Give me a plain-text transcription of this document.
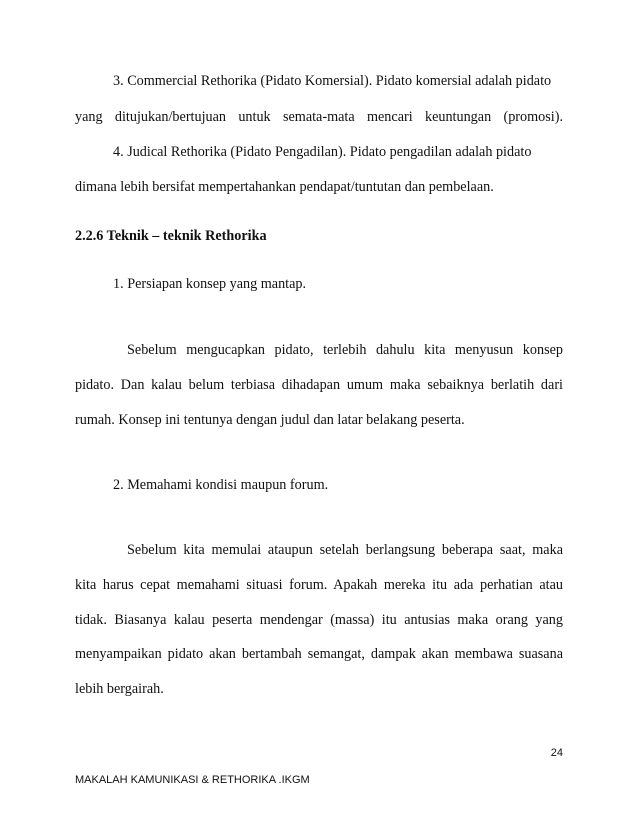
3. Commercial Rethorika (Pidato Komersial). Pidato komersial adalah pidato
yang ditujukan/bertujuan untuk semata-mata mencari keuntungan (promosi).
4. Judical Rethorika (Pidato Pengadilan). Pidato pengadilan adalah pidato
dimana lebih bersifat mempertahankan pendapat/tuntutan dan pembelaan.
2.2.6 Teknik – teknik Rethorika
1. Persiapan konsep yang mantap.
Sebelum mengucapkan pidato, terlebih dahulu kita menyusun konsep
pidato. Dan kalau belum terbiasa dihadapan umum maka sebaiknya berlatih dari
rumah. Konsep ini tentunya dengan judul dan latar belakang peserta.
2. Memahami kondisi maupun forum.
Sebelum kita memulai ataupun setelah berlangsung beberapa saat, maka
kita harus cepat memahami situasi forum. Apakah mereka itu ada perhatian atau
tidak. Biasanya kalau peserta mendengar (massa) itu antusias maka orang yang
menyampaikan pidato akan bertambah semangat, dampak akan membawa suasana
lebih bergairah.
24
MAKALAH KAMUNIKASI & RETHORIKA .IKGM
